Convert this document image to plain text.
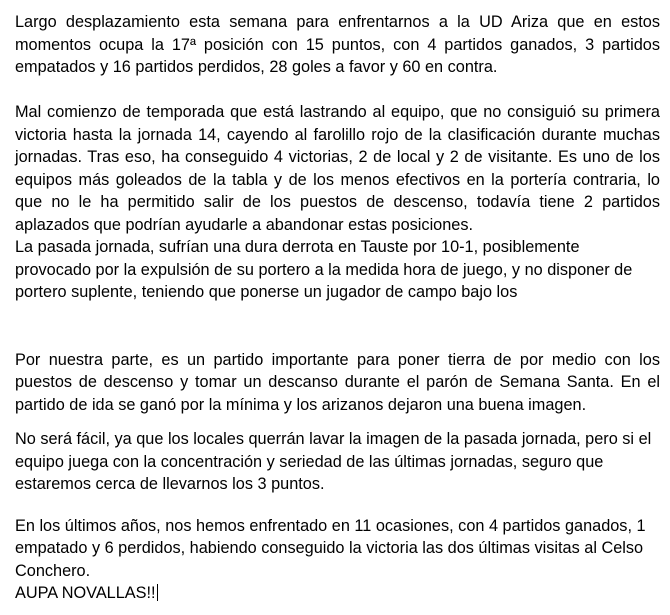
Largo desplazamiento esta semana para enfrentarnos a la UD Ariza que en estos momentos ocupa la 17ª posición con 15 puntos, con 4 partidos ganados, 3 partidos empatados y 16 partidos perdidos, 28 goles a favor y 60 en contra.

Mal comienzo de temporada que está lastrando al equipo, que no consiguió su primera victoria hasta la jornada 14, cayendo al farolillo rojo de la clasificación durante muchas jornadas. Tras eso, ha conseguido 4 victorias, 2 de local y 2 de visitante. Es uno de los equipos más goleados de la tabla y de los menos efectivos en la portería contraria, lo que no le ha permitido salir de los puestos de descenso, todavía tiene 2 partidos aplazados que podrían ayudarle a abandonar estas posiciones.

La pasada jornada, sufrían una dura derrota en Tauste por 10-1, posiblemente provocado por la expulsión de su portero a la medida hora de juego, y no disponer de portero suplente, teniendo que ponerse un jugador de campo bajo los

Por nuestra parte, es un partido importante para poner tierra de por medio con los puestos de descenso y tomar un descanso durante el parón de Semana Santa. En el partido de ida se ganó por la mínima y los arizanos dejaron una buena imagen.

No será fácil, ya que los locales querrán lavar la imagen de la pasada jornada, pero si el equipo juega con la concentración y seriedad de las últimas jornadas, seguro que estaremos cerca de llevarnos los 3 puntos.

En los últimos años, nos hemos enfrentado en 11 ocasiones, con 4 partidos ganados, 1 empatado y 6 perdidos, habiendo conseguido la victoria las dos últimas visitas al Celso Conchero.

AUPA NOVALLAS!!
